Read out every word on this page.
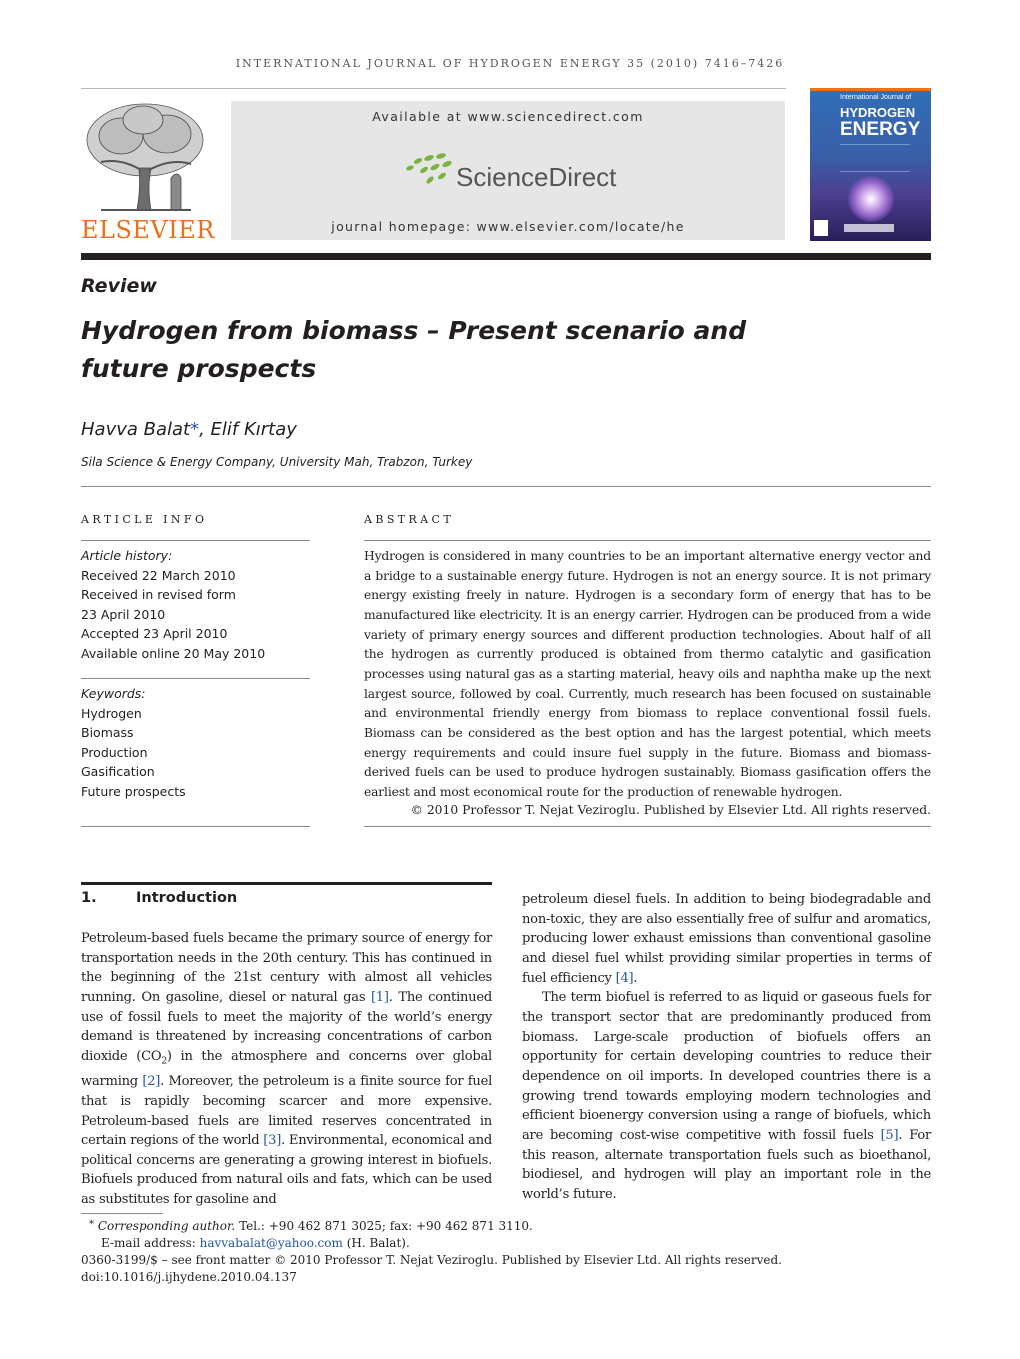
INTERNATIONAL JOURNAL OF HYDROGEN ENERGY 35 (2010) 7416–7426
ELSEVIER
Available at www.sciencedirect.com
ScienceDirect
journal homepage: www.elsevier.com/locate/he
International Journal of
HYDROGEN
ENERGY
Review
Hydrogen from biomass – Present scenario and future prospects
Havva Balat*, Elif Kırtay
Sila Science & Energy Company, University Mah, Trabzon, Turkey
ARTICLE INFO	ABSTRACT
Article history:
Received 22 March 2010
Received in revised form
23 April 2010
Accepted 23 April 2010
Available online 20 May 2010
Keywords:
Hydrogen
Biomass
Production
Gasification
Future prospects
Hydrogen is considered in many countries to be an important alternative energy vector and a bridge to a sustainable energy future. Hydrogen is not an energy source. It is not primary energy existing freely in nature. Hydrogen is a secondary form of energy that has to be manufactured like electricity. It is an energy carrier. Hydrogen can be produced from a wide variety of primary energy sources and different production technologies. About half of all the hydrogen as currently produced is obtained from thermo catalytic and gasification processes using natural gas as a starting material, heavy oils and naphtha make up the next largest source, followed by coal. Currently, much research has been focused on sustainable and environmental friendly energy from biomass to replace conventional fossil fuels. Biomass can be considered as the best option and has the largest potential, which meets energy requirements and could insure fuel supply in the future. Biomass and biomass-derived fuels can be used to produce hydrogen sustainably. Biomass gasification offers the earliest and most economical route for the production of renewable hydrogen.
© 2010 Professor T. Nejat Veziroglu. Published by Elsevier Ltd. All rights reserved.
1.	Introduction
Petroleum-based fuels became the primary source of energy for transportation needs in the 20th century. This has continued in the beginning of the 21st century with almost all vehicles running. On gasoline, diesel or natural gas [1]. The continued use of fossil fuels to meet the majority of the world’s energy demand is threatened by increasing concentrations of carbon dioxide $(CO_2)$ in the atmosphere and concerns over global warming [2]. Moreover, the petroleum is a finite source for fuel that is rapidly becoming scarcer and more expensive. Petroleum-based fuels are limited reserves concentrated in certain regions of the world [3]. Environmental, economical and political concerns are generating a growing interest in biofuels. Biofuels produced from natural oils and fats, which can be used as substitutes for gasoline and
petroleum diesel fuels. In addition to being biodegradable and non-toxic, they are also essentially free of sulfur and aromatics, producing lower exhaust emissions than conventional gasoline and diesel fuel whilst providing similar properties in terms of fuel efficiency [4].
The term biofuel is referred to as liquid or gaseous fuels for the transport sector that are predominantly produced from biomass. Large-scale production of biofuels offers an opportunity for certain developing countries to reduce their dependence on oil imports. In developed countries there is a growing trend towards employing modern technologies and efficient bioenergy conversion using a range of biofuels, which are becoming cost-wise competitive with fossil fuels [5]. For this reason, alternate transportation fuels such as bioethanol, biodiesel, and hydrogen will play an important role in the world’s future.
* Corresponding author. Tel.: +90 462 871 3025; fax: +90 462 871 3110.
E-mail address: havvabalat@yahoo.com (H. Balat).
0360-3199/$ – see front matter © 2010 Professor T. Nejat Veziroglu. Published by Elsevier Ltd. All rights reserved.
doi:10.1016/j.ijhydene.2010.04.137
